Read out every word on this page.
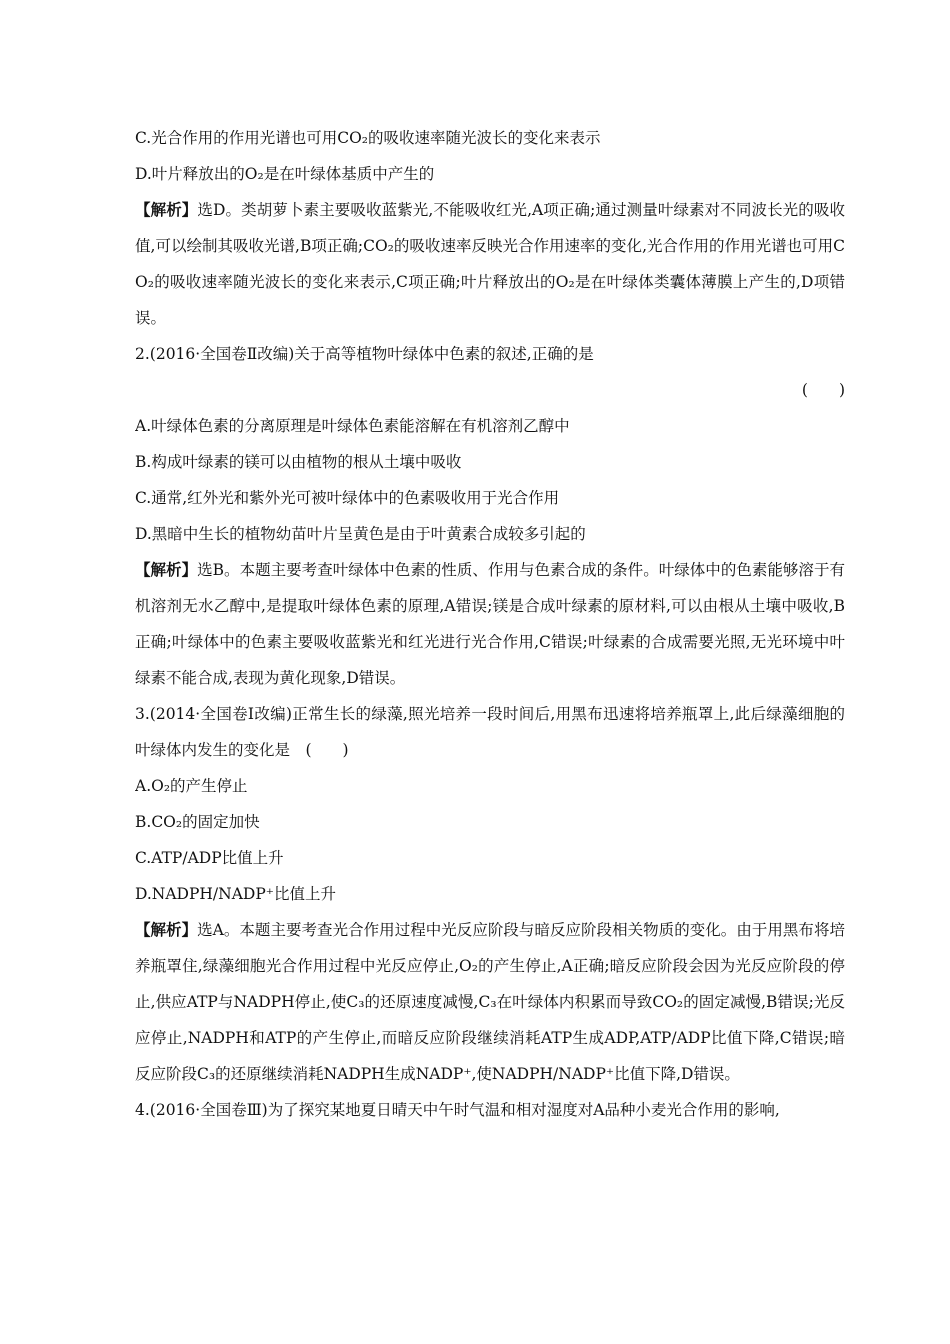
C.光合作用的作用光谱也可用CO₂的吸收速率随光波长的变化来表示
D.叶片释放出的O₂是在叶绿体基质中产生的
【解析】选D。类胡萝卜素主要吸收蓝紫光,不能吸收红光,A项正确;通过测量叶绿素对不同波长光的吸收值,可以绘制其吸收光谱,B项正确;CO₂的吸收速率反映光合作用速率的变化,光合作用的作用光谱也可用CO₂的吸收速率随光波长的变化来表示,C项正确;叶片释放出的O₂是在叶绿体类囊体薄膜上产生的,D项错误。
2.(2016·全国卷Ⅱ改编)关于高等植物叶绿体中色素的叙述,正确的是
(　　)
A.叶绿体色素的分离原理是叶绿体色素能溶解在有机溶剂乙醇中
B.构成叶绿素的镁可以由植物的根从土壤中吸收
C.通常,红外光和紫外光可被叶绿体中的色素吸收用于光合作用
D.黑暗中生长的植物幼苗叶片呈黄色是由于叶黄素合成较多引起的
【解析】选B。本题主要考查叶绿体中色素的性质、作用与色素合成的条件。叶绿体中的色素能够溶于有机溶剂无水乙醇中,是提取叶绿体色素的原理,A错误;镁是合成叶绿素的原材料,可以由根从土壤中吸收,B正确;叶绿体中的色素主要吸收蓝紫光和红光进行光合作用,C错误;叶绿素的合成需要光照,无光环境中叶绿素不能合成,表现为黄化现象,D错误。
3.(2014·全国卷Ⅰ改编)正常生长的绿藻,照光培养一段时间后,用黑布迅速将培养瓶罩上,此后绿藻细胞的叶绿体内发生的变化是　(　　)
A.O₂的产生停止
B.CO₂的固定加快
C.ATP/ADP比值上升
D.NADPH/NADP⁺比值上升
【解析】选A。本题主要考查光合作用过程中光反应阶段与暗反应阶段相关物质的变化。由于用黑布将培养瓶罩住,绿藻细胞光合作用过程中光反应停止,O₂的产生停止,A正确;暗反应阶段会因为光反应阶段的停止,供应ATP与NADPH停止,使C₃的还原速度减慢,C₃在叶绿体内积累而导致CO₂的固定减慢,B错误;光反应停止,NADPH和ATP的产生停止,而暗反应阶段继续消耗ATP生成ADP,ATP/ADP比值下降,C错误;暗反应阶段C₃的还原继续消耗NADPH生成NADP⁺,使NADPH/NADP⁺比值下降,D错误。
4.(2016·全国卷Ⅲ)为了探究某地夏日晴天中午时气温和相对湿度对A品种小麦光合作用的影响,
